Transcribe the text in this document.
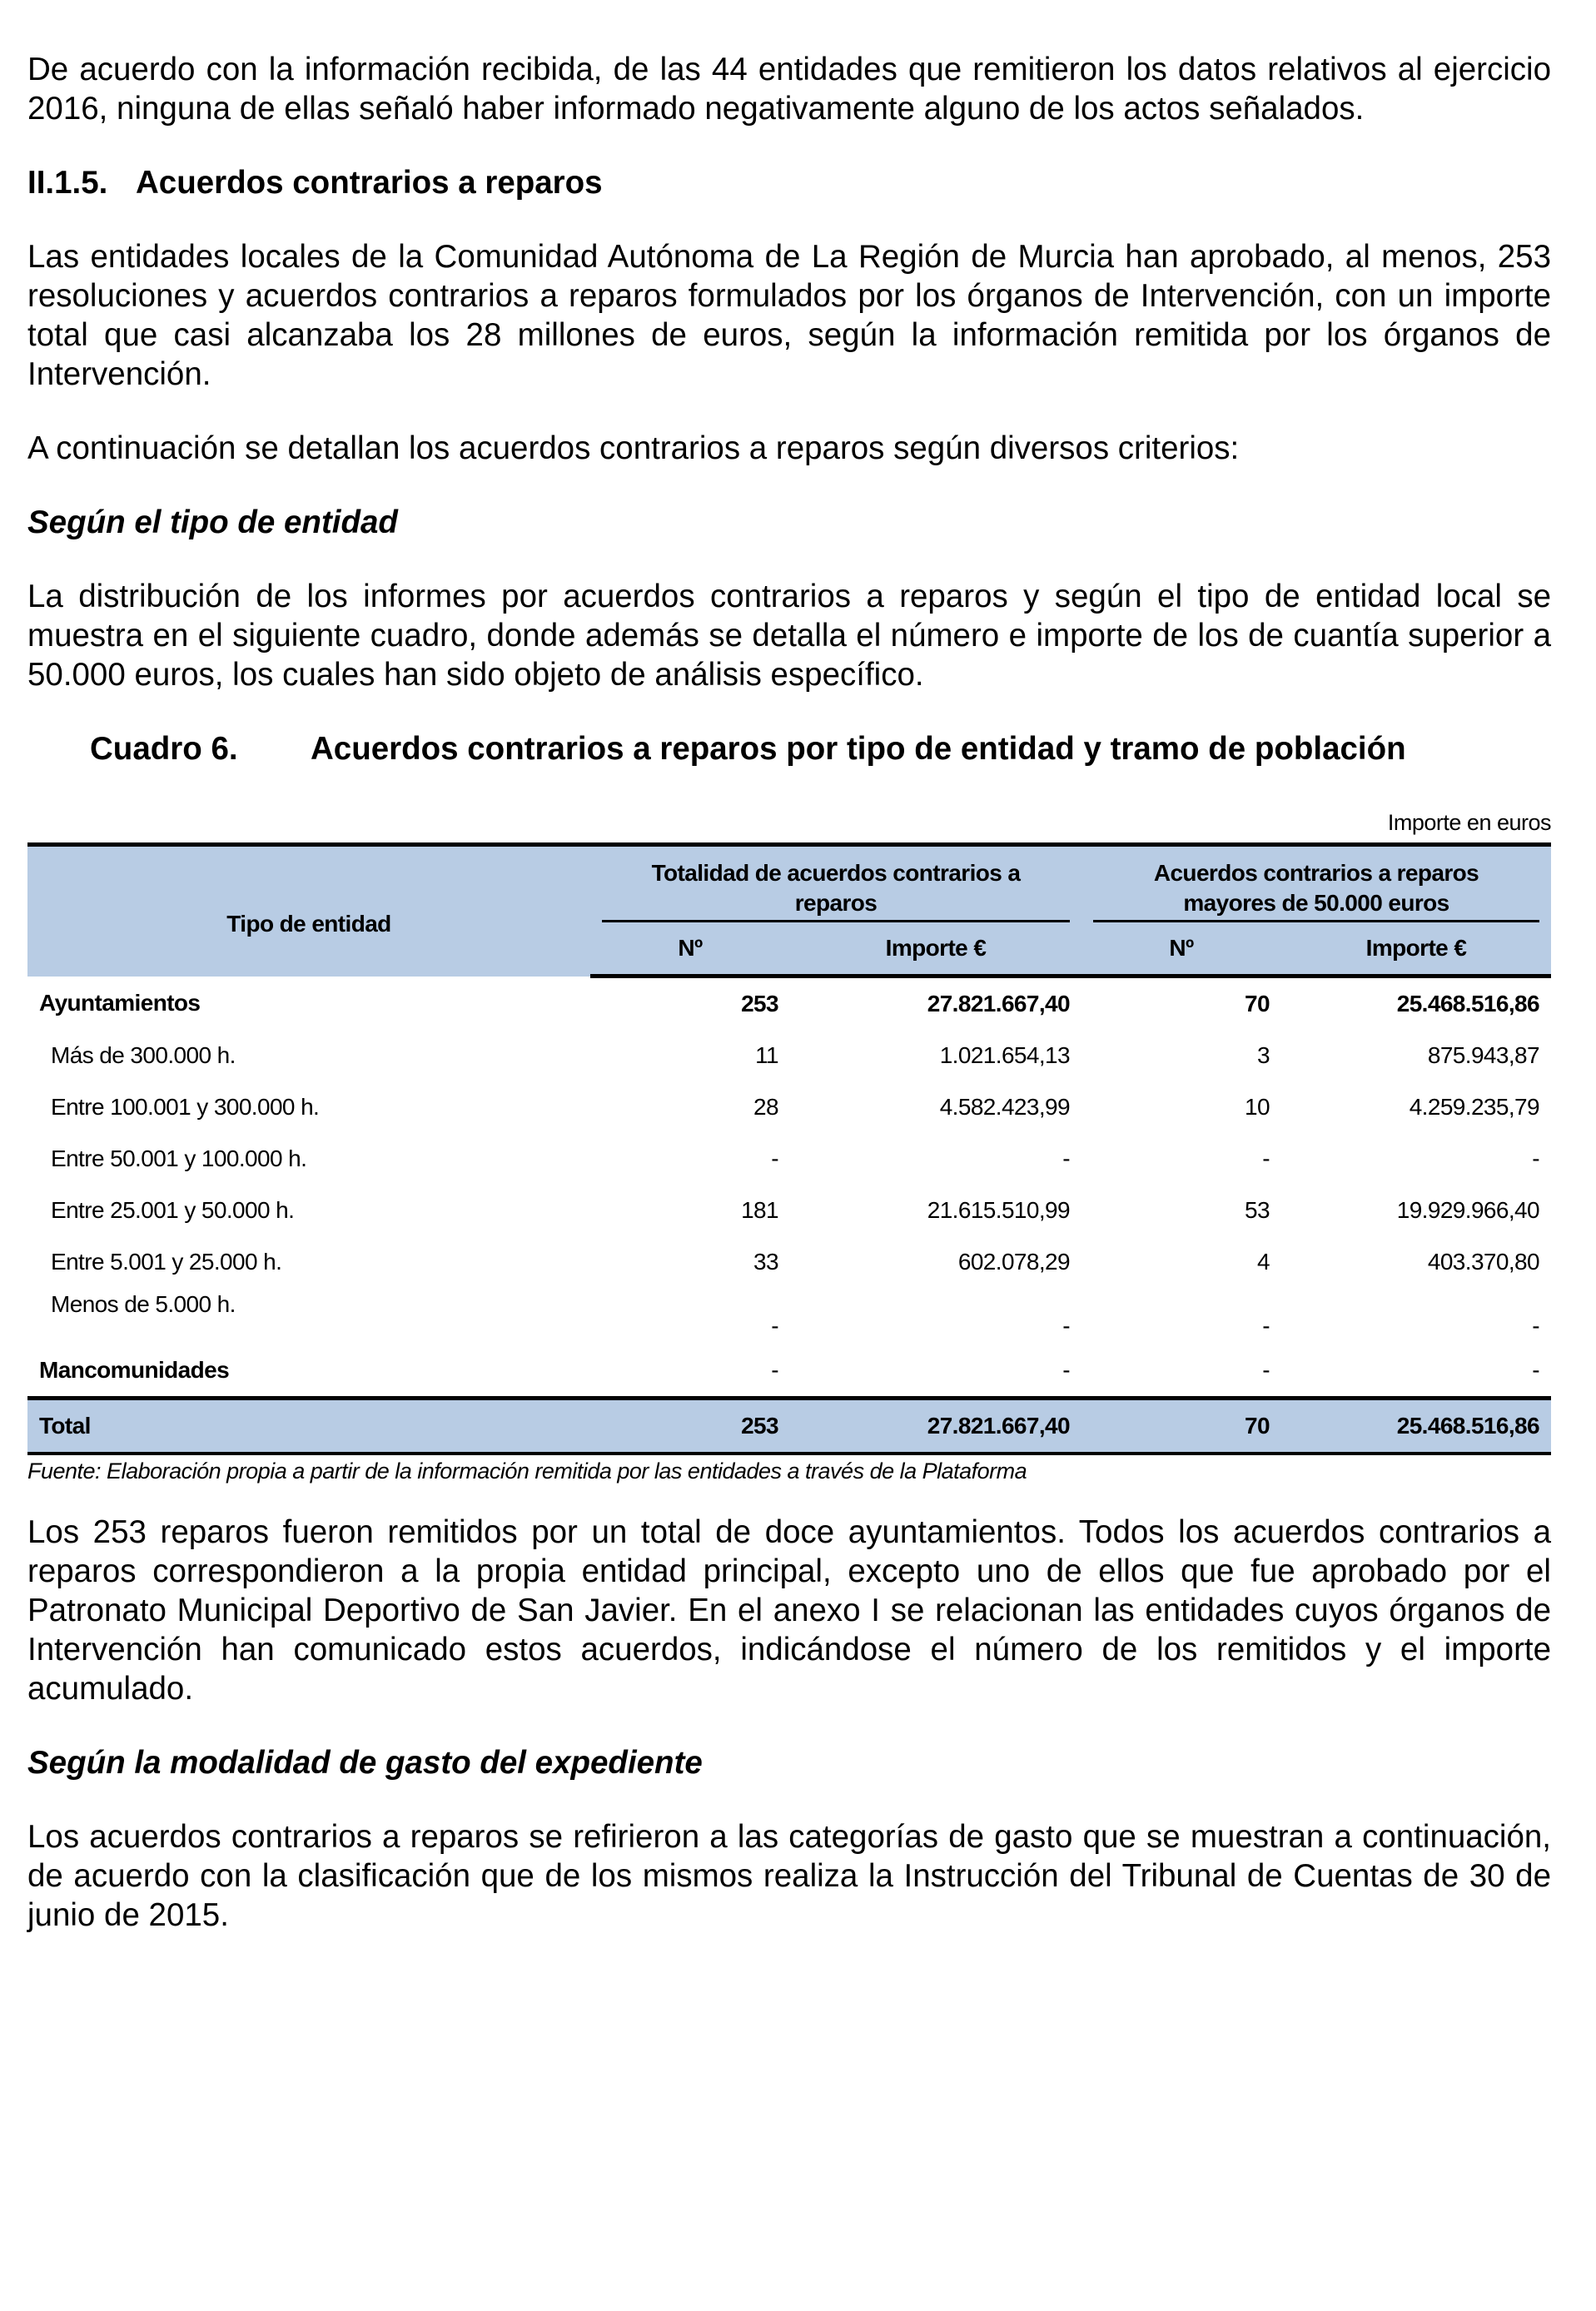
De acuerdo con la información recibida, de las 44 entidades que remitieron los datos relativos al ejercicio 2016, ninguna de ellas señaló haber informado negativamente alguno de los actos señalados.

II.1.5. Acuerdos contrarios a reparos

Las entidades locales de la Comunidad Autónoma de La Región de Murcia han aprobado, al menos, 253 resoluciones y acuerdos contrarios a reparos formulados por los órganos de Intervención, con un importe total que casi alcanzaba los 28 millones de euros, según la información remitida por los órganos de Intervención.

A continuación se detallan los acuerdos contrarios a reparos según diversos criterios:

Según el tipo de entidad

La distribución de los informes por acuerdos contrarios a reparos y según el tipo de entidad local se muestra en el siguiente cuadro, donde además se detalla el número e importe de los de cuantía superior a 50.000 euros, los cuales han sido objeto de análisis específico.

Cuadro 6. Acuerdos contrarios a reparos por tipo de entidad y tramo de población
Importe en euros
Tipo de entidad	Totalidad de acuerdos contrarios a reparos		Acuerdos contrarios a reparos mayores de 50.000 euros	

	Nº	Importe €	Nº	Importe €
Ayuntamientos	253	27.821.667,40	70	25.468.516,86
Más de 300.000 h.	11	1.021.654,13	3	875.943,87
Entre 100.001 y 300.000 h.	28	4.582.423,99	10	4.259.235,79
Entre 50.001 y 100.000 h.	-	-	-	-
Entre 25.001 y 50.000 h.	181	21.615.510,99	53	19.929.966,40
Entre 5.001 y 25.000 h.	33	602.078,29	4	403.370,80
Menos de 5.000 h.	-	-	-	-
Mancomunidades	-	-	-	-
Total	253	27.821.667,40	70	25.468.516,86
Fuente: Elaboración propia a partir de la información remitida por las entidades a través de la Plataforma

Los 253 reparos fueron remitidos por un total de doce ayuntamientos. Todos los acuerdos contrarios a reparos correspondieron a la propia entidad principal, excepto uno de ellos que fue aprobado por el Patronato Municipal Deportivo de San Javier. En el anexo I se relacionan las entidades cuyos órganos de Intervención han comunicado estos acuerdos, indicándose el número de los remitidos y el importe acumulado.

Según la modalidad de gasto del expediente

Los acuerdos contrarios a reparos se refirieron a las categorías de gasto que se muestran a continuación, de acuerdo con la clasificación que de los mismos realiza la Instrucción del Tribunal de Cuentas de 30 de junio de 2015.
